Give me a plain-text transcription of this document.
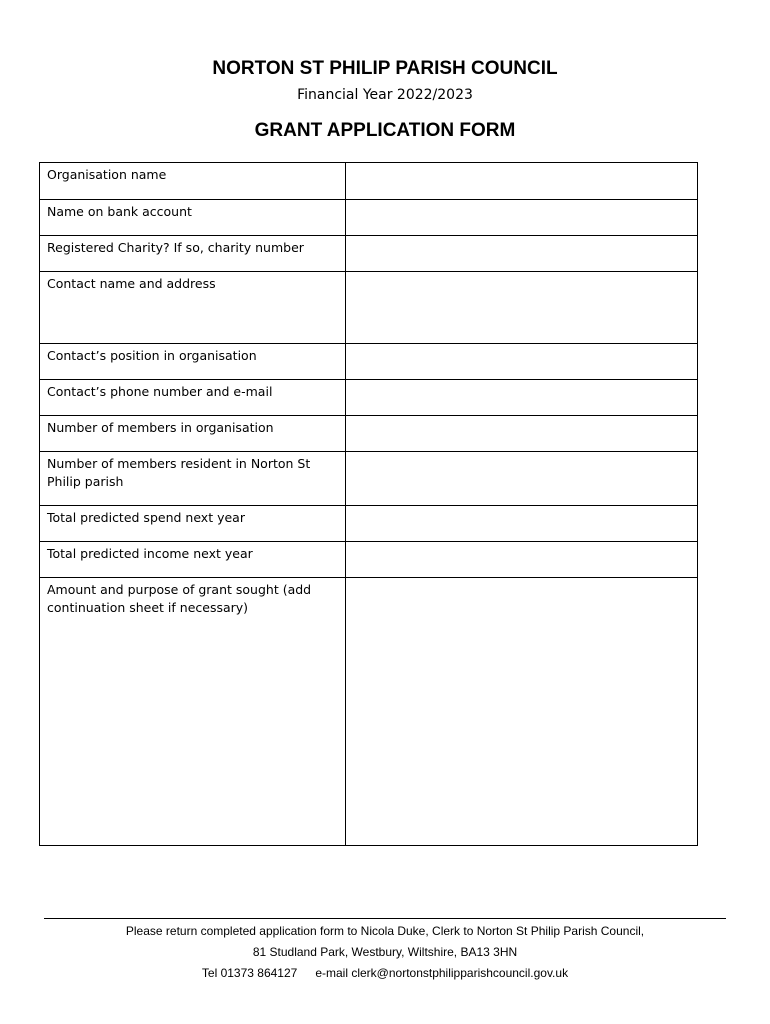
NORTON ST PHILIP PARISH COUNCIL
Financial Year 2022/2023
GRANT APPLICATION FORM
Organisation name	
Name on bank account	
Registered Charity? If so, charity number	
Contact name and address	
Contact’s position in organisation	
Contact’s phone number and e-mail	
Number of members in organisation	
Number of members resident in Norton St Philip parish	
Total predicted spend next year	
Total predicted income next year	
Amount and purpose of grant sought (add continuation sheet if necessary)	
Please return completed application form to Nicola Duke, Clerk to Norton St Philip Parish Council,
81 Studland Park, Westbury, Wiltshire, BA13 3HN
Tel 01373 864127 e-mail clerk@nortonstphilipparishcouncil.gov.uk
